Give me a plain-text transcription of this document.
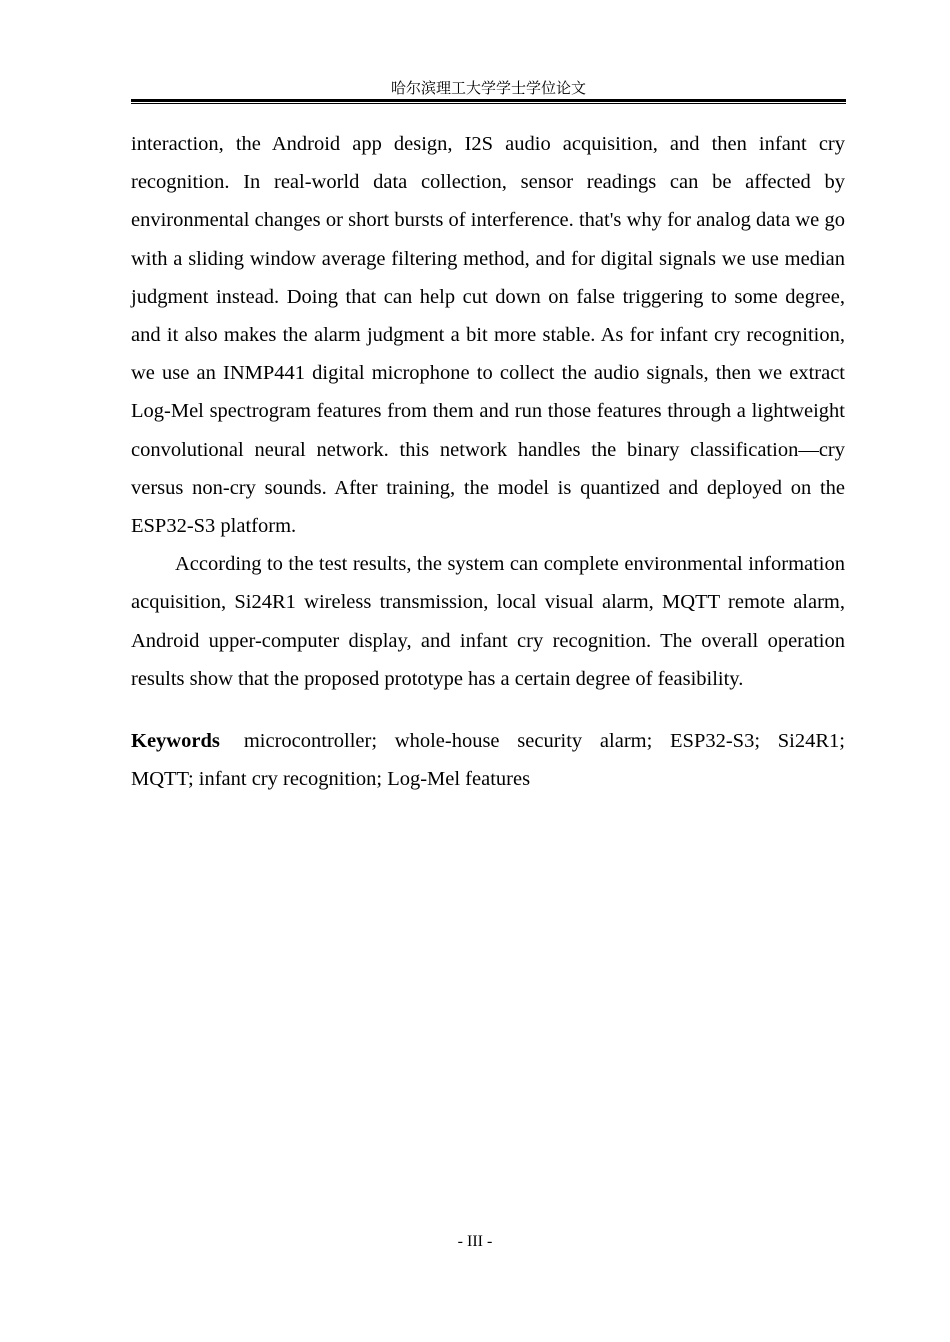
哈尔滨理工大学学士学位论文

interaction, the Android app design, I2S audio acquisition, and then infant cry recognition. In real-world data collection, sensor readings can be affected by environmental changes or short bursts of interference. that's why for analog data we go with a sliding window average filtering method, and for digital signals we use median judgment instead. Doing that can help cut down on false triggering to some degree, and it also makes the alarm judgment a bit more stable. As for infant cry recognition, we use an INMP441 digital microphone to collect the audio signals, then we extract Log-Mel spectrogram features from them and run those features through a lightweight convolutional neural network. this network handles the binary classification—cry versus non-cry sounds. After training, the model is quantized and deployed on the ESP32-S3 platform.

According to the test results, the system can complete environmental information acquisition, Si24R1 wireless transmission, local visual alarm, MQTT remote alarm, Android upper-computer display, and infant cry recognition. The overall operation results show that the proposed prototype has a certain degree of feasibility.

Keywords microcontroller; whole-house security alarm; ESP32-S3; Si24R1; MQTT; infant cry recognition; Log-Mel features

- III -
